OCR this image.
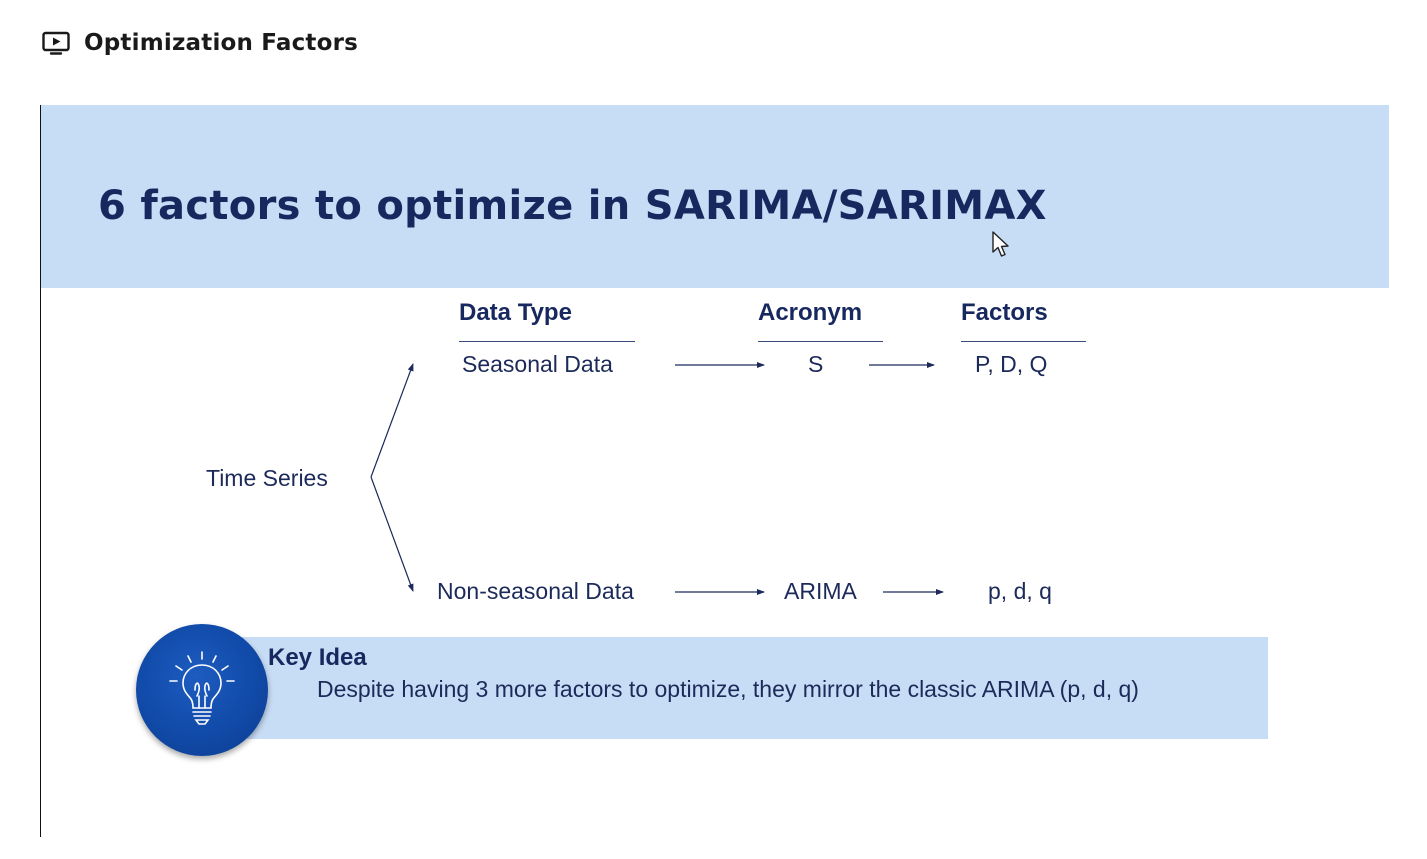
Optimization Factors
6 factors to optimize in SARIMA/SARIMAX
Data Type	Acronym	Factors
Seasonal Data	S	P, D, Q
Time Series
Non-seasonal Data	ARIMA	p, d, q
Key Idea
Despite having 3 more factors to optimize, they mirror the classic ARIMA (p, d, q)
